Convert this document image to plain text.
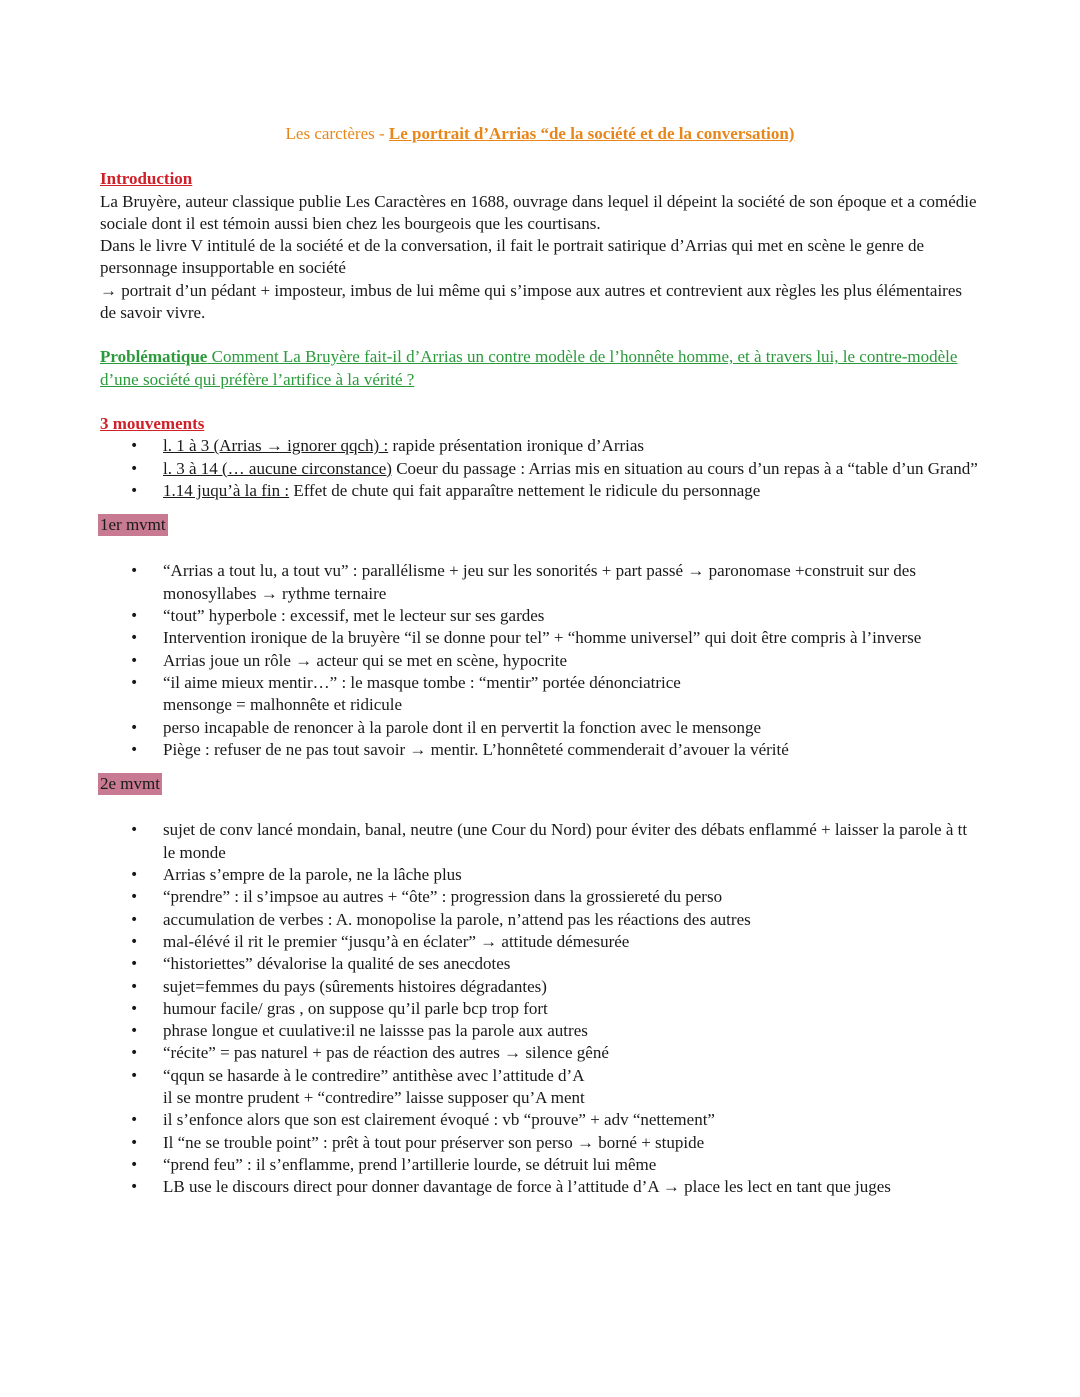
Les carctères - Le portrait d’Arrias “de la société et de la conversation)
Introduction

La Bruyère, auteur classique publie Les Caractères en 1688, ouvrage dans lequel il dépeint la société de son époque et a comédie sociale dont il est témoin aussi bien chez les bourgeois que les courtisans.

Dans le livre V intitulé de la société et de la conversation, il fait le portrait satirique d’Arrias qui met en scène le genre de personnage insupportable en société

→ portrait d’un pédant + imposteur, imbus de lui même qui s’impose aux autres et contrevient aux règles les plus élémentaires de savoir vivre.

Problématique Comment La Bruyère fait-il d’Arrias un contre modèle de l’honnête homme, et à travers lui, le contre-modèle d’une société qui préfère l’artifice à la vérité ?

3 mouvements
• l. 1 à 3 (Arrias → ignorer qqch) : rapide présentation ironique d’Arrias
• l. 3 à 14 (… aucune circonstance) Coeur du passage : Arrias mis en situation au cours d’un repas à a “table d’un Grand”
• 1.14 juqu’à la fin : Effet de chute qui fait apparaître nettement le ridicule du personnage
1er mvmt
• “Arrias a tout lu, a tout vu” : parallélisme + jeu sur les sonorités + part passé → paronomase +construit sur des monosyllabes → rythme ternaire
• “tout” hyperbole : excessif, met le lecteur sur ses gardes
• Intervention ironique de la bruyère “il se donne pour tel” + “homme universel” qui doit être compris à l’inverse
• Arrias joue un rôle → acteur qui se met en scène, hypocrite
• “il aime mieux mentir…” : le masque tombe : “mentir” portée dénonciatrice
mensonge = malhonnête et ridicule
• perso incapable de renoncer à la parole dont il en pervertit la fonction avec le mensonge
• Piège : refuser de ne pas tout savoir → mentir. L’honnêteté commenderait d’avouer la vérité
2e mvmt
• sujet de conv lancé mondain, banal, neutre (une Cour du Nord) pour éviter des débats enflammé + laisser la parole à tt le monde
• Arrias s’empre de la parole, ne la lâche plus
• “prendre” : il s’impsoe au autres + “ôte” : progression dans la grossiereté du perso
• accumulation de verbes : A. monopolise la parole, n’attend pas les réactions des autres
• mal-élévé il rit le premier “jusqu’à en éclater” → attitude démesurée
• “historiettes” dévalorise la qualité de ses anecdotes
• sujet=femmes du pays (sûrements histoires dégradantes)
• humour facile/ gras , on suppose qu’il parle bcp trop fort
• phrase longue et cuulative:il ne laissse pas la parole aux autres
• “récite” = pas naturel + pas de réaction des autres → silence gêné
• “qqun se hasarde à le contredire” antithèse avec l’attitude d’A
il se montre prudent + “contredire” laisse supposer qu’A ment
• il s’enfonce alors que son est clairement évoqué : vb “prouve” + adv “nettement”
• Il “ne se trouble point” : prêt à tout pour préserver son perso → borné + stupide
• “prend feu” : il s’enflamme, prend l’artillerie lourde, se détruit lui même
• LB use le discours direct pour donner davantage de force à l’attitude d’A → place les lect en tant que juges
